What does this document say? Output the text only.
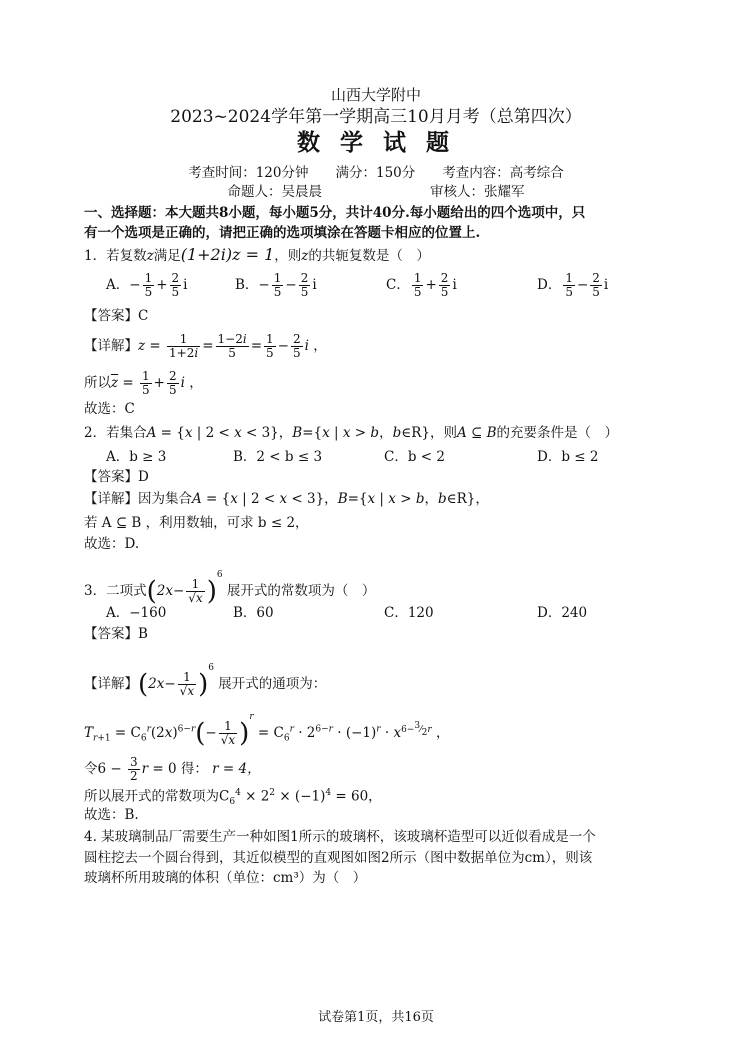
山西大学附中
2023~2024学年第一学期高三10月月考（总第四次）
数 学 试 题
考查时间：120分钟　　满分：150分　　考查内容：高考综合
命题人：吴晨晨　　　　　　　　审核人：张耀军
一、选择题：本大题共8小题，每小题5分，共计40分.每小题给出的四个选项中，只
有一个选项是正确的，请把正确的选项填涂在答题卡相应的位置上.
1．若复数z满足(1+2i)z = 1，则z的共轭复数是（　）
A．− $\frac{1}{5} + \frac{2}{5}$ i	B．− $\frac{1}{5} - \frac{2}{5}$ i	C． $\frac{1}{5} + \frac{2}{5}$ i	D． $\frac{1}{5} - \frac{2}{5}$ i
【答案】C
【详解】$z = \frac{1}{1+2i} = \frac{1-2i}{5} = \frac{1}{5} - \frac{2}{5}$ i ，
所以$\overline{z} = \frac{1}{5} + \frac{2}{5}$ i ，
故选：C
2．若集合A = {x | 2 < x < 3}，B={x | x > b，b∈R}，则A ⊆ B的充要条件是（　）
A．b ≥ 3	B．2 < b ≤ 3	C．b < 2	D．b ≤ 2
【答案】D
【详解】因为集合A = {x | 2 < x < 3}，B={x | x > b，b∈R}，
若 A ⊆ B ，利用数轴，可求 b ≤ 2，
故选：D.
3．二项式$(2x- \frac{1}{√x} )^6$ 展开式的常数项为（　）
A．−160	B．60	C．120	D．240
【答案】B
【详解】$(2x- \frac{1}{√x} )^6$ 展开式的通项为：
$T_{r+1} = C_6^r(2x)^{6-r}(- \frac{1}{√x} )^r = C_6^r \cdot 2^{6-r} \cdot (-1)^r \cdot x^{6-^3⁄_2r}$ ，
令$6 - \frac{3}{2}$ r = 0 得： r = 4，
所以展开式的常数项为$C_6^4 \times 2^2 \times (-1)^4 = 60$，
故选：B.
4. 某玻璃制品厂需要生产一种如图1所示的玻璃杯，该玻璃杯造型可以近似看成是一个
圆柱挖去一个圆台得到，其近似模型的直观图如图2所示（图中数据单位为cm），则该
玻璃杯所用玻璃的体积（单位：cm³）为（　）
试卷第1页，共16页
